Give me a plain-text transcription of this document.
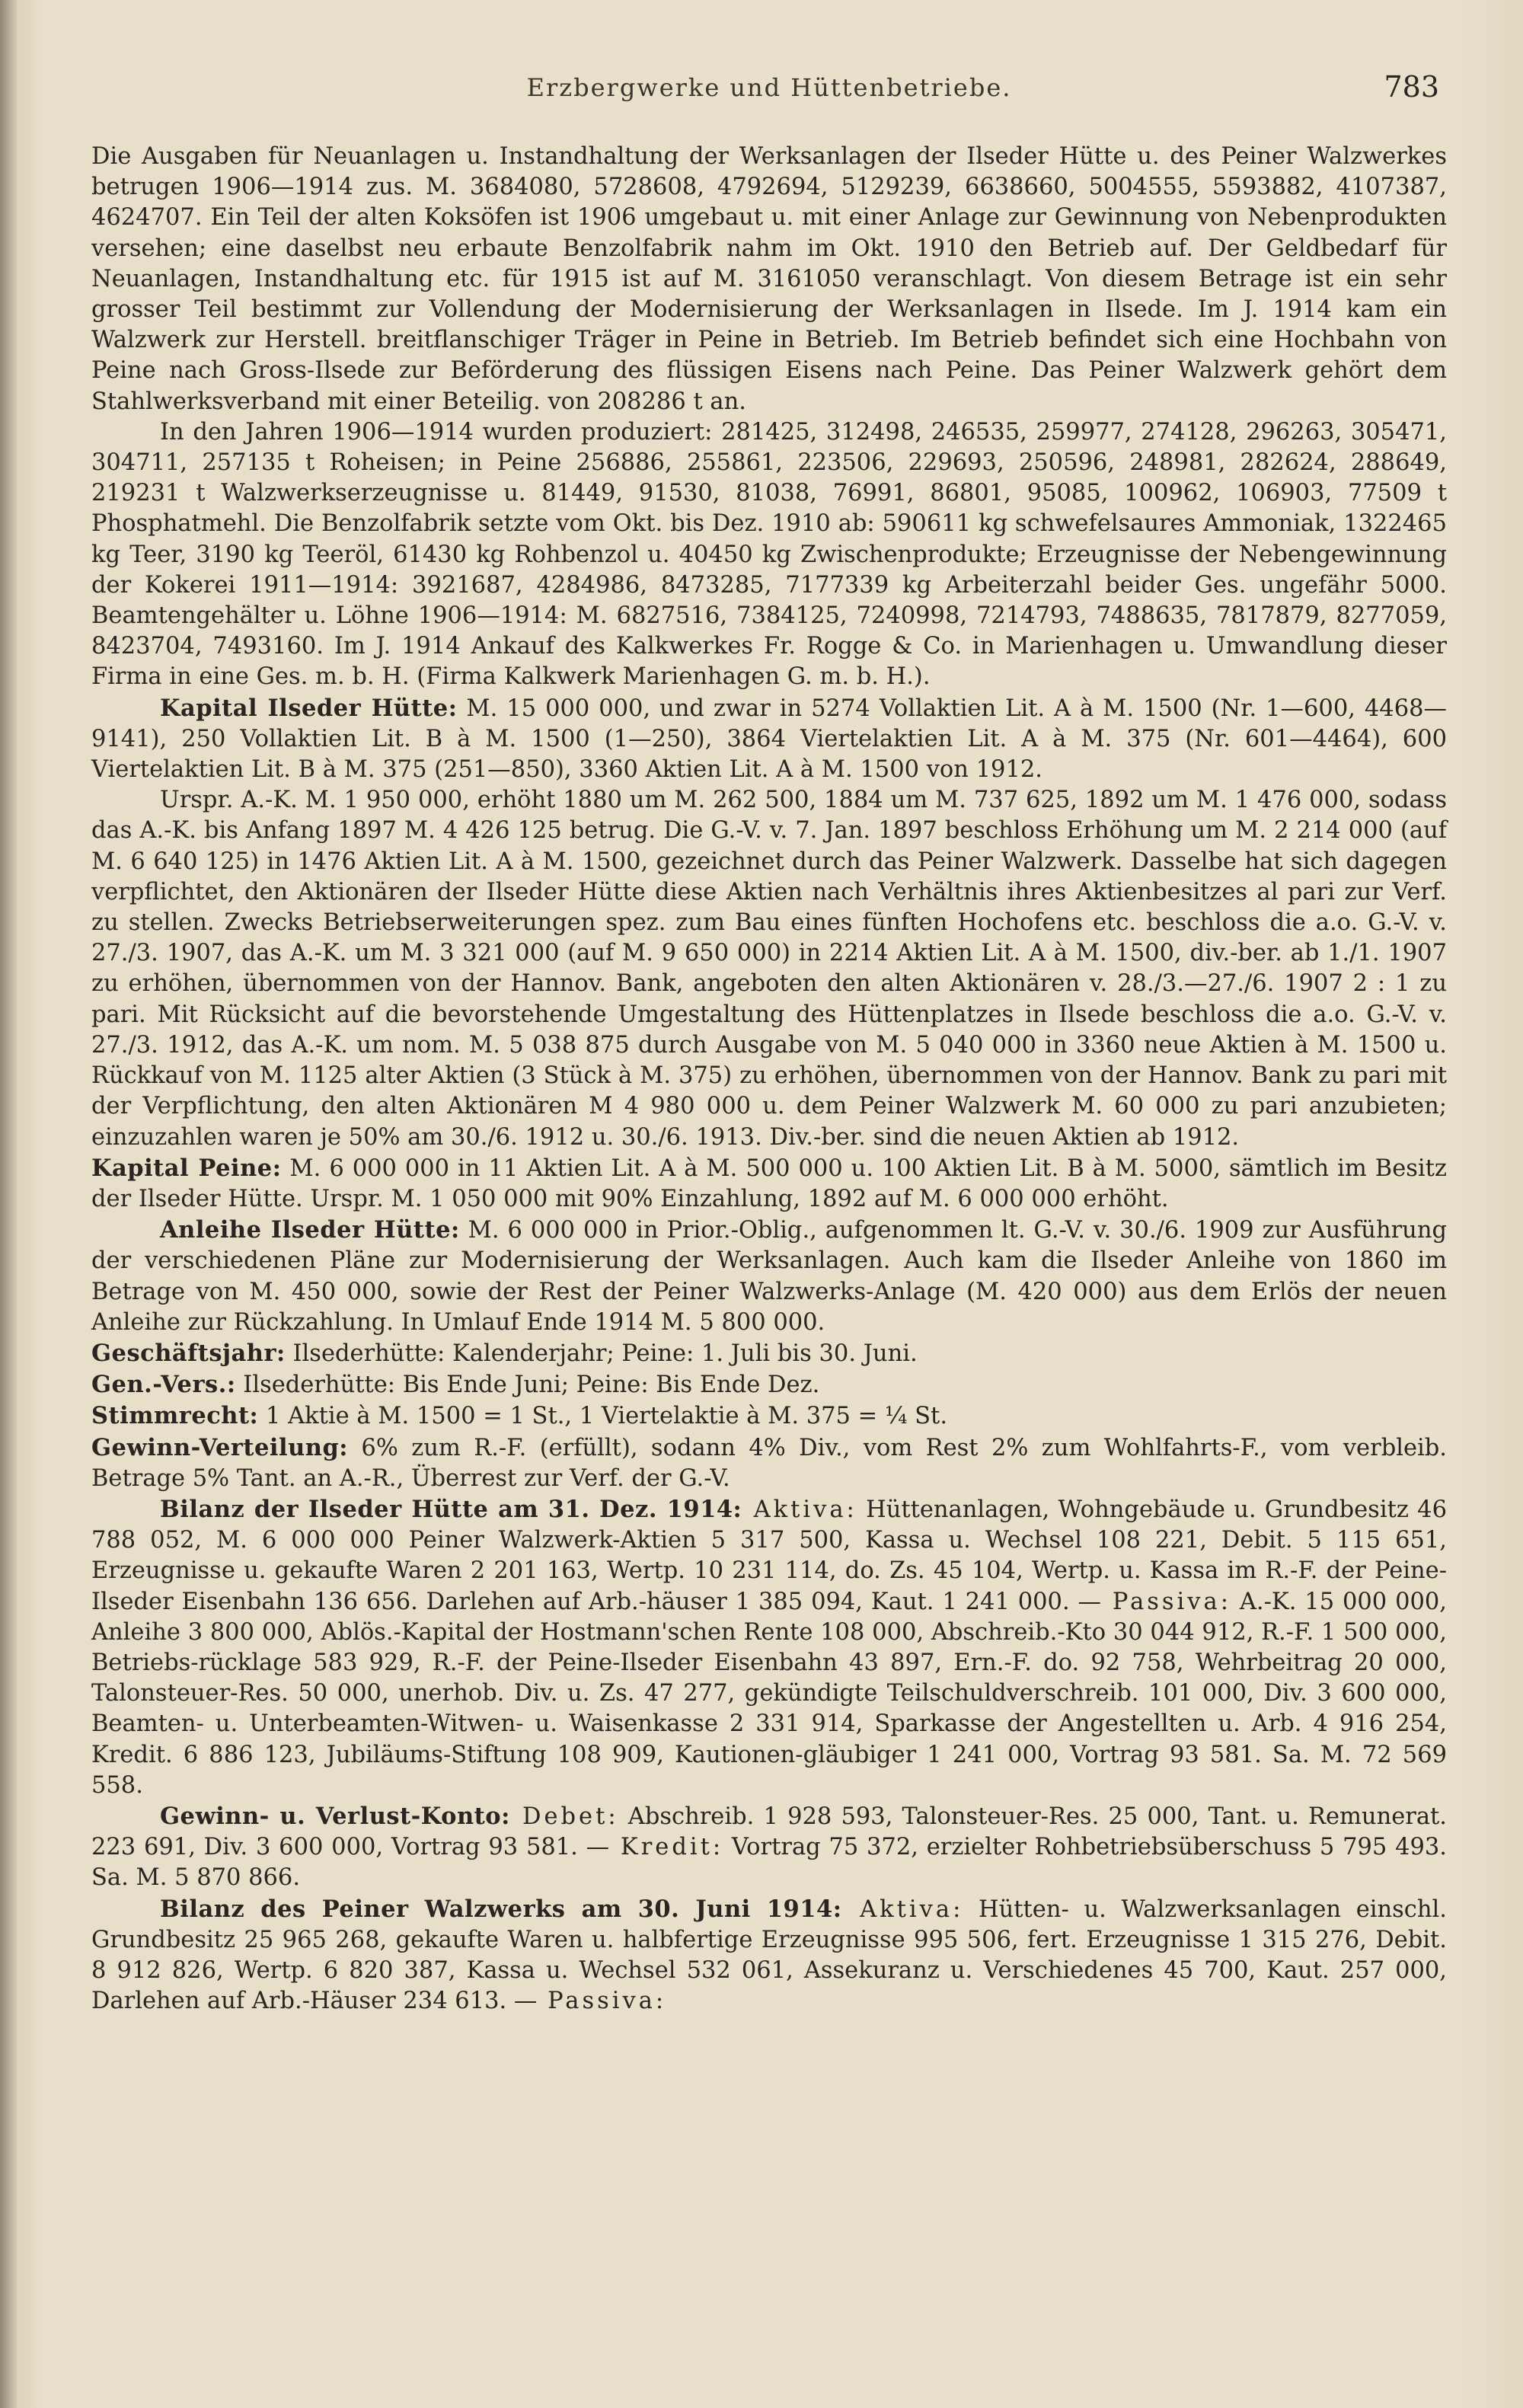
Erzbergwerke und Hüttenbetriebe.	783

Die Ausgaben für Neuanlagen u. Instandhaltung der Werksanlagen der Ilseder Hütte u. des Peiner Walzwerkes betrugen 1906—1914 zus. M. 3684080, 5728608, 4792694, 5129239, 6638660, 5004555, 5593882, 4107387, 4624707. Ein Teil der alten Koksöfen ist 1906 umgebaut u. mit einer Anlage zur Gewinnung von Nebenprodukten versehen; eine daselbst neu erbaute Benzolfabrik nahm im Okt. 1910 den Betrieb auf. Der Geldbedarf für Neuanlagen, Instandhaltung etc. für 1915 ist auf M. 3161050 veranschlagt. Von diesem Betrage ist ein sehr grosser Teil bestimmt zur Vollendung der Modernisierung der Werksanlagen in Ilsede. Im J. 1914 kam ein Walzwerk zur Herstell. breitflanschiger Träger in Peine in Betrieb. Im Betrieb befindet sich eine Hochbahn von Peine nach Gross-Ilsede zur Beförderung des flüssigen Eisens nach Peine. Das Peiner Walzwerk gehört dem Stahlwerksverband mit einer Beteilig. von 208286 t an.

In den Jahren 1906—1914 wurden produziert: 281425, 312498, 246535, 259977, 274128, 296263, 305471, 304711, 257135 t Roheisen; in Peine 256886, 255861, 223506, 229693, 250596, 248981, 282624, 288649, 219231 t Walzwerkserzeugnisse u. 81449, 91530, 81038, 76991, 86801, 95085, 100962, 106903, 77509 t Phosphatmehl. Die Benzolfabrik setzte vom Okt. bis Dez. 1910 ab: 590611 kg schwefelsaures Ammoniak, 1322465 kg Teer, 3190 kg Teeröl, 61430 kg Rohbenzol u. 40450 kg Zwischenprodukte; Erzeugnisse der Nebengewinnung der Kokerei 1911—1914: 3921687, 4284986, 8473285, 7177339 kg Arbeiterzahl beider Ges. ungefähr 5000. Beamtengehälter u. Löhne 1906—1914: M. 6827516, 7384125, 7240998, 7214793, 7488635, 7817879, 8277059, 8423704, 7493160. Im J. 1914 Ankauf des Kalkwerkes Fr. Rogge & Co. in Marienhagen u. Umwandlung dieser Firma in eine Ges. m. b. H. (Firma Kalkwerk Marienhagen G. m. b. H.).

Kapital Ilseder Hütte: M. 15 000 000, und zwar in 5274 Vollaktien Lit. A à M. 1500 (Nr. 1—600, 4468—9141), 250 Vollaktien Lit. B à M. 1500 (1—250), 3864 Viertelaktien Lit. A à M. 375 (Nr. 601—4464), 600 Viertelaktien Lit. B à M. 375 (251—850), 3360 Aktien Lit. A à M. 1500 von 1912.

Urspr. A.-K. M. 1 950 000, erhöht 1880 um M. 262 500, 1884 um M. 737 625, 1892 um M. 1 476 000, sodass das A.-K. bis Anfang 1897 M. 4 426 125 betrug. Die G.-V. v. 7. Jan. 1897 beschloss Erhöhung um M. 2 214 000 (auf M. 6 640 125) in 1476 Aktien Lit. A à M. 1500, gezeichnet durch das Peiner Walzwerk. Dasselbe hat sich dagegen verpflichtet, den Aktionären der Ilseder Hütte diese Aktien nach Verhältnis ihres Aktienbesitzes al pari zur Verf. zu stellen. Zwecks Betriebserweiterungen spez. zum Bau eines fünften Hochofens etc. beschloss die a.o. G.-V. v. 27./3. 1907, das A.-K. um M. 3 321 000 (auf M. 9 650 000) in 2214 Aktien Lit. A à M. 1500, div.-ber. ab 1./1. 1907 zu erhöhen, übernommen von der Hannov. Bank, angeboten den alten Aktionären v. 28./3.—27./6. 1907 2 : 1 zu pari. Mit Rücksicht auf die bevorstehende Umgestaltung des Hüttenplatzes in Ilsede beschloss die a.o. G.-V. v. 27./3. 1912, das A.-K. um nom. M. 5 038 875 durch Ausgabe von M. 5 040 000 in 3360 neue Aktien à M. 1500 u. Rückkauf von M. 1125 alter Aktien (3 Stück à M. 375) zu erhöhen, übernommen von der Hannov. Bank zu pari mit der Verpflichtung, den alten Aktionären M 4 980 000 u. dem Peiner Walzwerk M. 60 000 zu pari anzubieten; einzuzahlen waren je 50% am 30./6. 1912 u. 30./6. 1913. Div.-ber. sind die neuen Aktien ab 1912.

Kapital Peine: M. 6 000 000 in 11 Aktien Lit. A à M. 500 000 u. 100 Aktien Lit. B à M. 5000, sämtlich im Besitz der Ilseder Hütte. Urspr. M. 1 050 000 mit 90% Einzahlung, 1892 auf M. 6 000 000 erhöht.

Anleihe Ilseder Hütte: M. 6 000 000 in Prior.-Oblig., aufgenommen lt. G.-V. v. 30./6. 1909 zur Ausführung der verschiedenen Pläne zur Modernisierung der Werksanlagen. Auch kam die Ilseder Anleihe von 1860 im Betrage von M. 450 000, sowie der Rest der Peiner Walzwerks-Anlage (M. 420 000) aus dem Erlös der neuen Anleihe zur Rückzahlung. In Umlauf Ende 1914 M. 5 800 000.

Geschäftsjahr: Ilsederhütte: Kalenderjahr; Peine: 1. Juli bis 30. Juni.

Gen.-Vers.: Ilsederhütte: Bis Ende Juni; Peine: Bis Ende Dez.

Stimmrecht: 1 Aktie à M. 1500 = 1 St., 1 Viertelaktie à M. 375 = ¼ St.

Gewinn-Verteilung: 6% zum R.-F. (erfüllt), sodann 4% Div., vom Rest 2% zum Wohlfahrts-F., vom verbleib. Betrage 5% Tant. an A.-R., Überrest zur Verf. der G.-V.

Bilanz der Ilseder Hütte am 31. Dez. 1914: Aktiva: Hüttenanlagen, Wohngebäude u. Grundbesitz 46 788 052, M. 6 000 000 Peiner Walzwerk-Aktien 5 317 500, Kassa u. Wechsel 108 221, Debit. 5 115 651, Erzeugnisse u. gekaufte Waren 2 201 163, Wertp. 10 231 114, do. Zs. 45 104, Wertp. u. Kassa im R.-F. der Peine-Ilseder Eisenbahn 136 656. Darlehen auf Arb.-häuser 1 385 094, Kaut. 1 241 000. — Passiva: A.-K. 15 000 000, Anleihe 3 800 000, Ablös.-Kapital der Hostmann'schen Rente 108 000, Abschreib.-Kto 30 044 912, R.-F. 1 500 000, Betriebs-rücklage 583 929, R.-F. der Peine-Ilseder Eisenbahn 43 897, Ern.-F. do. 92 758, Wehrbeitrag 20 000, Talonsteuer-Res. 50 000, unerhob. Div. u. Zs. 47 277, gekündigte Teilschuldverschreib. 101 000, Div. 3 600 000, Beamten- u. Unterbeamten-Witwen- u. Waisenkasse 2 331 914, Sparkasse der Angestellten u. Arb. 4 916 254, Kredit. 6 886 123, Jubiläums-Stiftung 108 909, Kautionen-gläubiger 1 241 000, Vortrag 93 581. Sa. M. 72 569 558.

Gewinn- u. Verlust-Konto: Debet: Abschreib. 1 928 593, Talonsteuer-Res. 25 000, Tant. u. Remunerat. 223 691, Div. 3 600 000, Vortrag 93 581. — Kredit: Vortrag 75 372, erzielter Rohbetriebsüberschuss 5 795 493. Sa. M. 5 870 866.

Bilanz des Peiner Walzwerks am 30. Juni 1914: Aktiva: Hütten- u. Walzwerksanlagen einschl. Grundbesitz 25 965 268, gekaufte Waren u. halbfertige Erzeugnisse 995 506, fert. Erzeugnisse 1 315 276, Debit. 8 912 826, Wertp. 6 820 387, Kassa u. Wechsel 532 061, Assekuranz u. Verschiedenes 45 700, Kaut. 257 000, Darlehen auf Arb.-Häuser 234 613. — Passiva:
